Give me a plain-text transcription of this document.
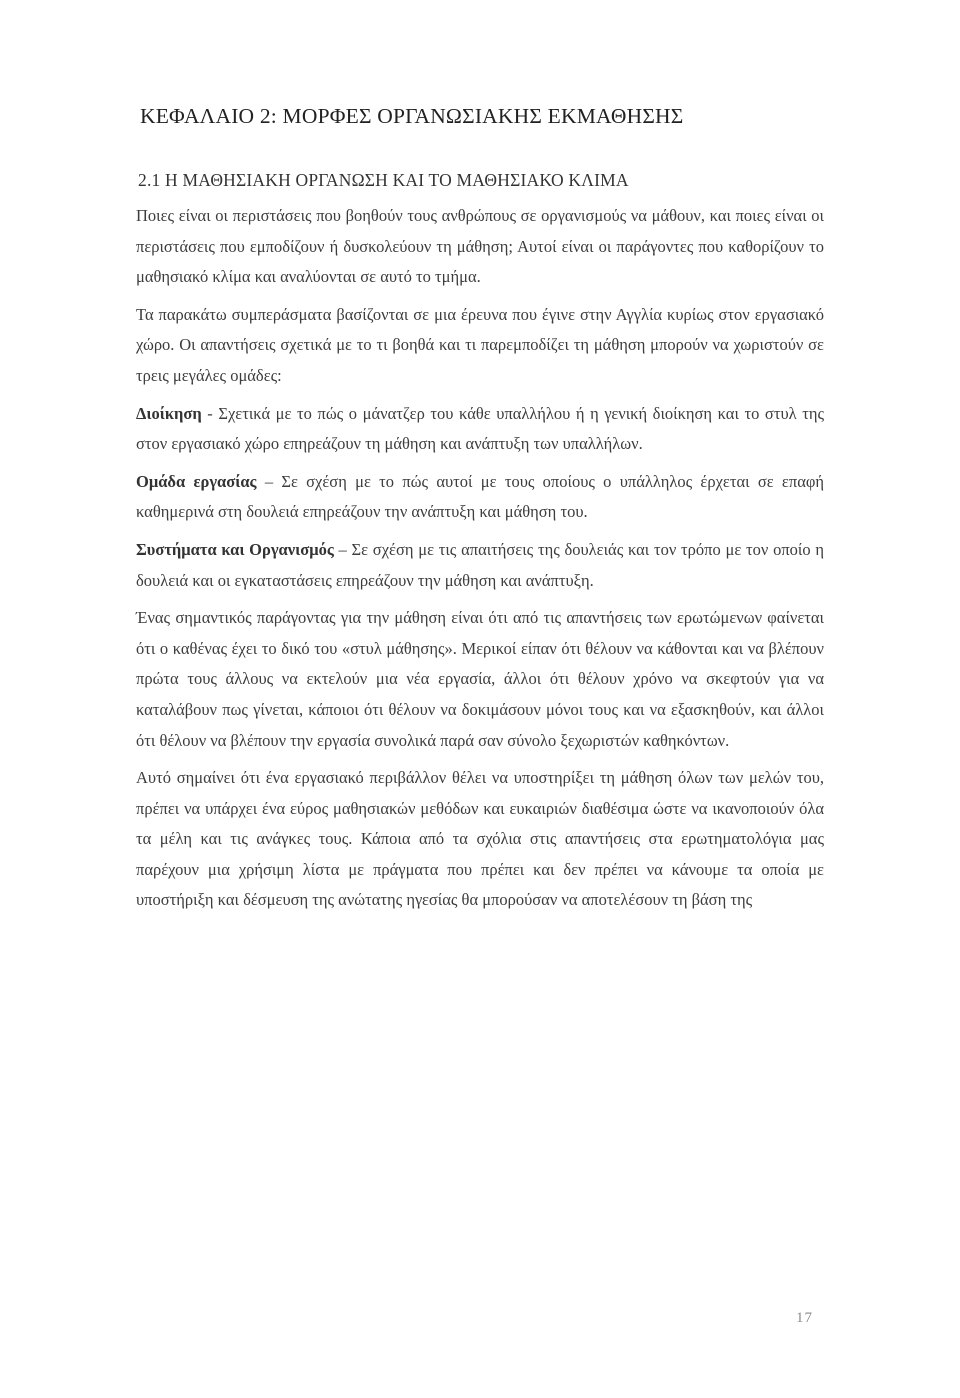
ΚΕΦΑΛΑΙΟ 2: ΜΟΡΦΕΣ ΟΡΓΑΝΩΣΙΑΚΗΣ ΕΚΜΑΘΗΣΗΣ
2.1 Η ΜΑΘΗΣΙΑΚΗ ΟΡΓΑΝΩΣΗ ΚΑΙ ΤΟ ΜΑΘΗΣΙΑΚΟ ΚΛΙΜΑ

Ποιες είναι οι περιστάσεις που βοηθούν τους ανθρώπους σε οργανισμούς να μάθουν, και ποιες είναι οι περιστάσεις που εμποδίζουν ή δυσκολεύουν τη μάθηση; Αυτοί είναι οι παράγοντες που καθορίζουν το μαθησιακό κλίμα και αναλύονται σε αυτό το τμήμα.

Τα παρακάτω συμπεράσματα βασίζονται σε μια έρευνα που έγινε στην Αγγλία κυρίως στον εργασιακό χώρο. Οι απαντήσεις σχετικά με το τι βοηθά και τι παρεμποδίζει τη μάθηση μπορούν να χωριστούν σε τρεις μεγάλες ομάδες:

Διοίκηση - Σχετικά με το πώς ο μάνατζερ του κάθε υπαλλήλου ή η γενική διοίκηση και το στυλ της στον εργασιακό χώρο επηρεάζουν τη μάθηση και ανάπτυξη των υπαλλήλων.

Ομάδα εργασίας – Σε σχέση με το πώς αυτοί με τους οποίους ο υπάλληλος έρχεται σε επαφή καθημερινά στη δουλειά επηρεάζουν την ανάπτυξη και μάθηση του.

Συστήματα και Οργανισμός – Σε σχέση με τις απαιτήσεις της δουλειάς και τον τρόπο με τον οποίο η δουλειά και οι εγκαταστάσεις επηρεάζουν την μάθηση και ανάπτυξη.

Ένας σημαντικός παράγοντας για την μάθηση είναι ότι από τις απαντήσεις των ερωτώμενων φαίνεται ότι ο καθένας έχει το δικό του «στυλ μάθησης». Μερικοί είπαν ότι θέλουν να κάθονται και να βλέπουν πρώτα τους άλλους να εκτελούν μια νέα εργασία, άλλοι ότι θέλουν χρόνο να σκεφτούν για να καταλάβουν πως γίνεται, κάποιοι ότι θέλουν να δοκιμάσουν μόνοι τους και να εξασκηθούν, και άλλοι ότι θέλουν να βλέπουν την εργασία συνολικά παρά σαν σύνολο ξεχωριστών καθηκόντων.

Αυτό σημαίνει ότι ένα εργασιακό περιβάλλον θέλει να υποστηρίξει τη μάθηση όλων των μελών του, πρέπει να υπάρχει ένα εύρος μαθησιακών μεθόδων και ευκαιριών διαθέσιμα ώστε να ικανοποιούν όλα τα μέλη και τις ανάγκες τους. Κάποια από τα σχόλια στις απαντήσεις στα ερωτηματολόγια μας παρέχουν μια χρήσιμη λίστα με πράγματα που πρέπει και δεν πρέπει να κάνουμε τα οποία με υποστήριξη και δέσμευση της ανώτατης ηγεσίας θα μπορούσαν να αποτελέσουν τη βάση της

17
